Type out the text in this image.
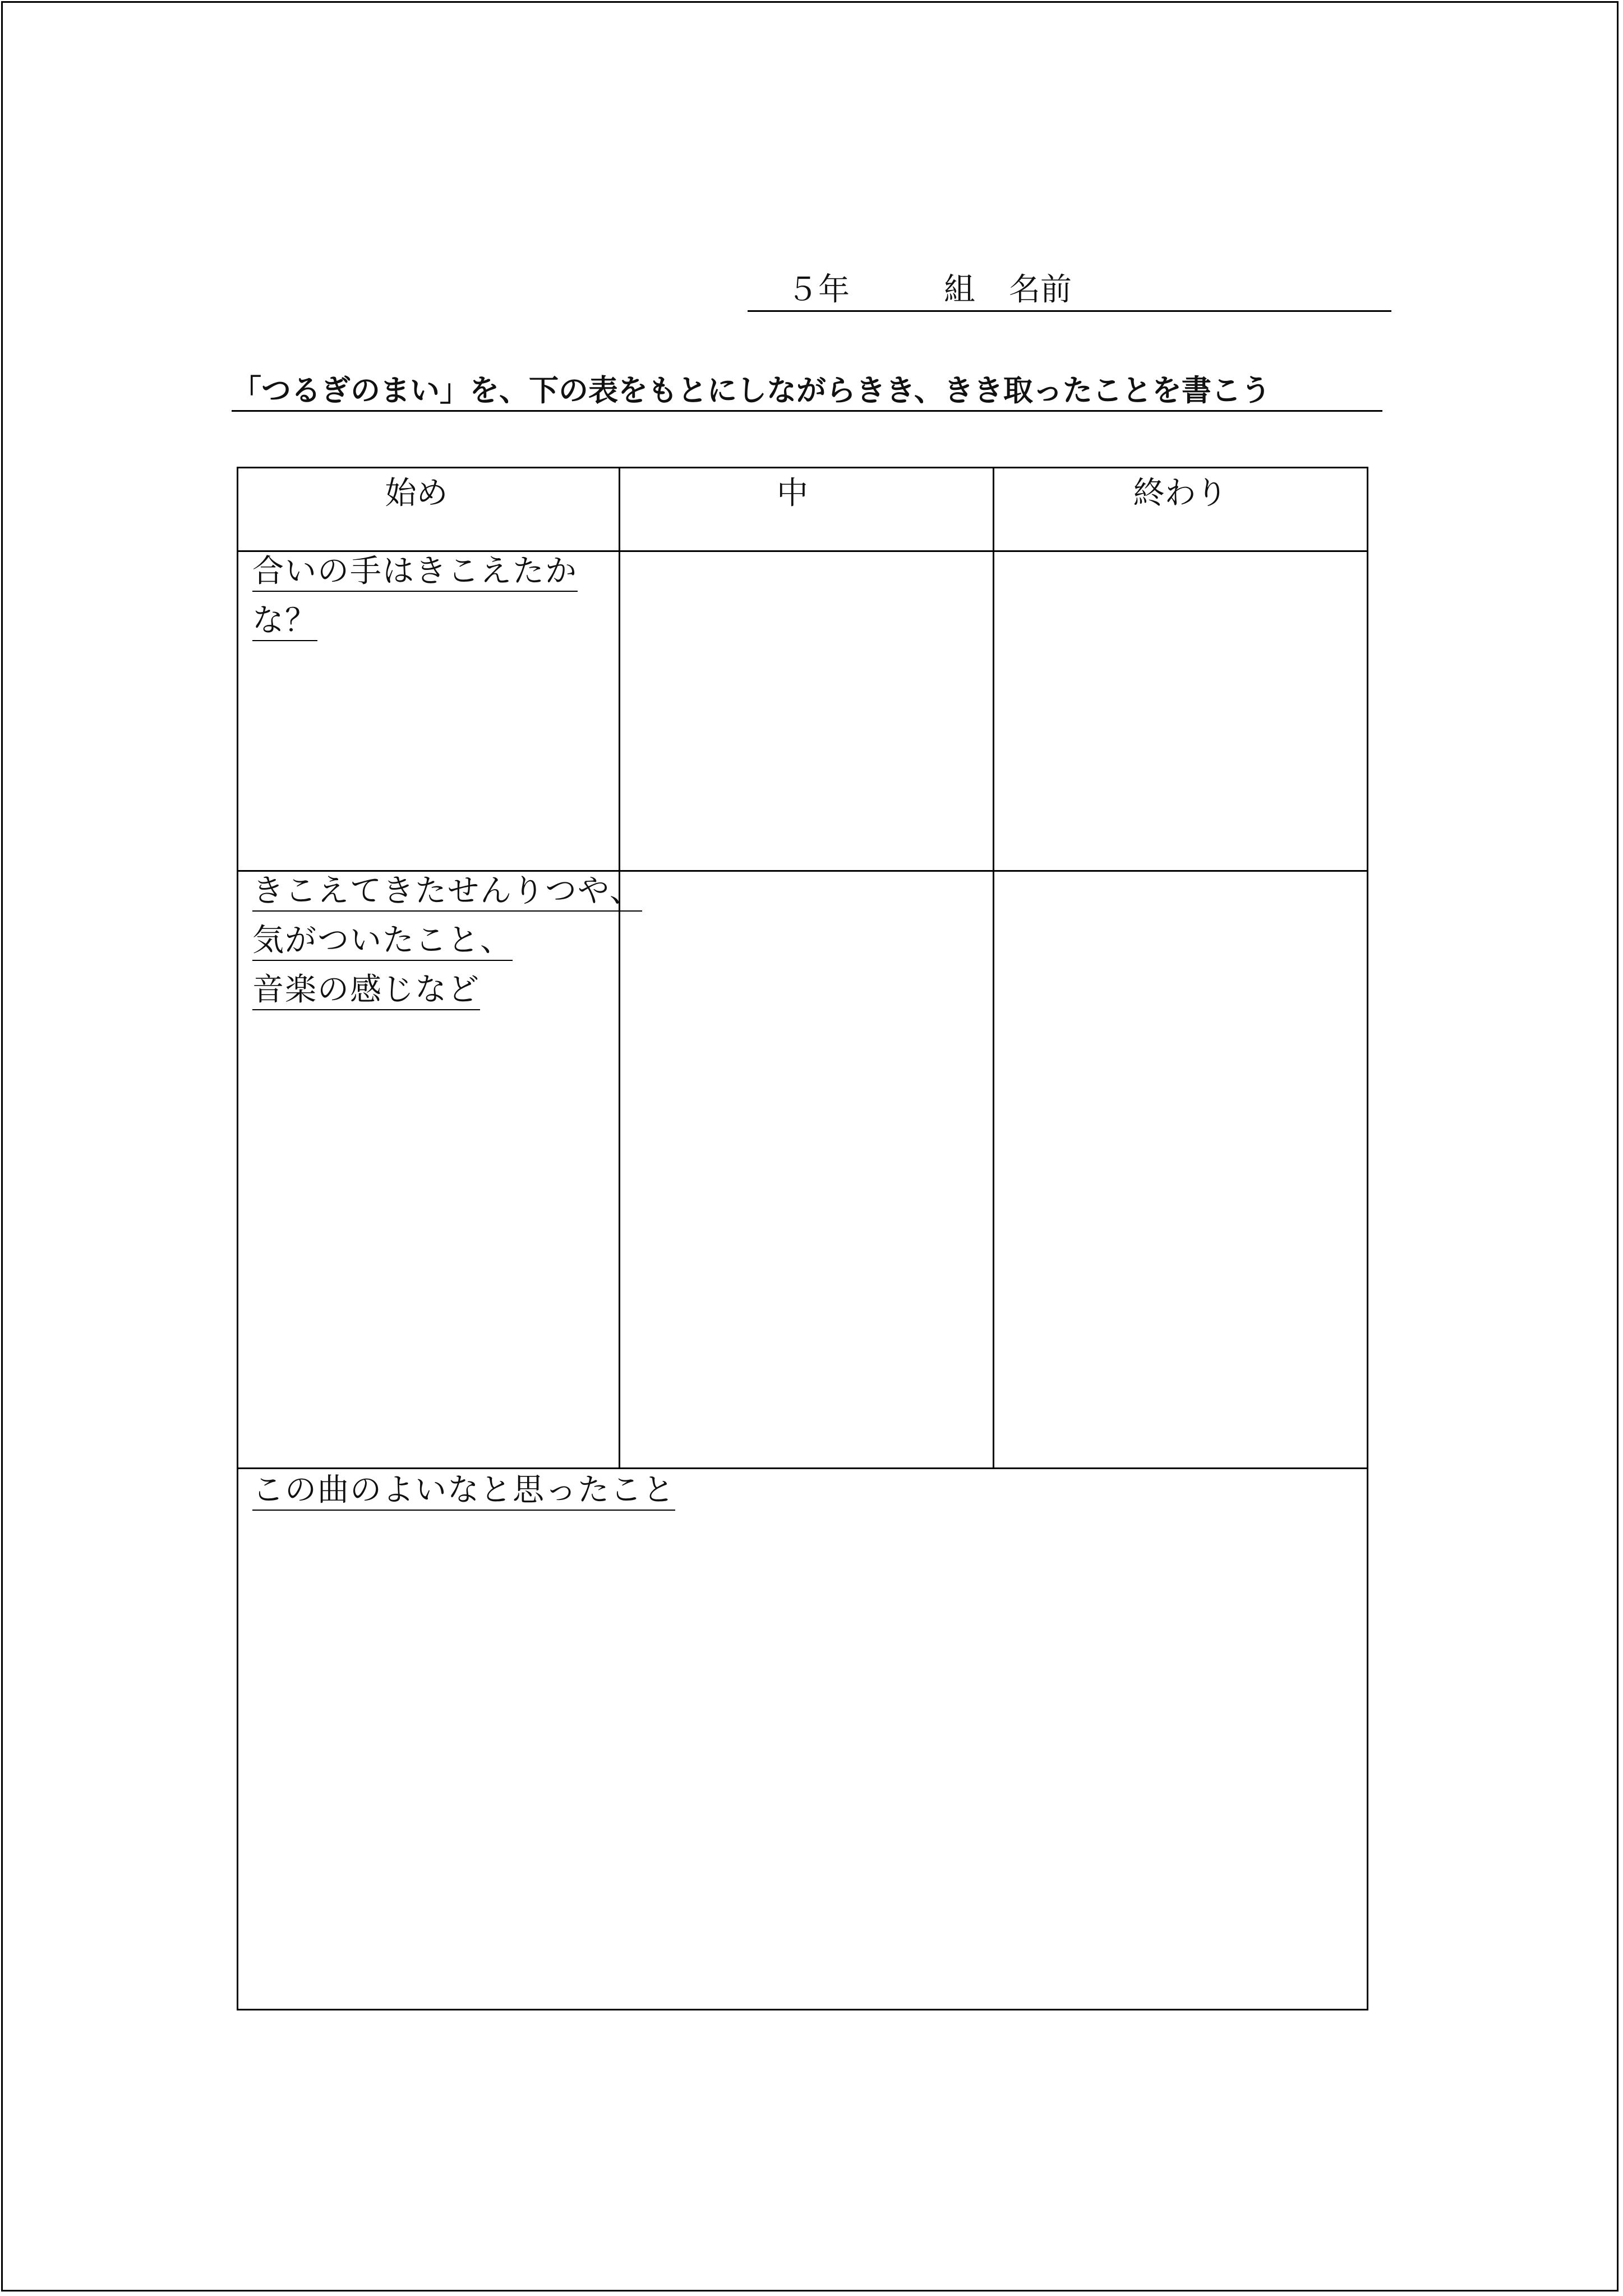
５年	組 名前
「つるぎのまい」を、下の表をもとにしながらきき、きき取ったことを書こう
始め	中	終わり
合いの手はきこえたか
な？
きこえてきたせんりつや、
気がついたこと、
音楽の感じなど
この曲のよいなと思ったこと
